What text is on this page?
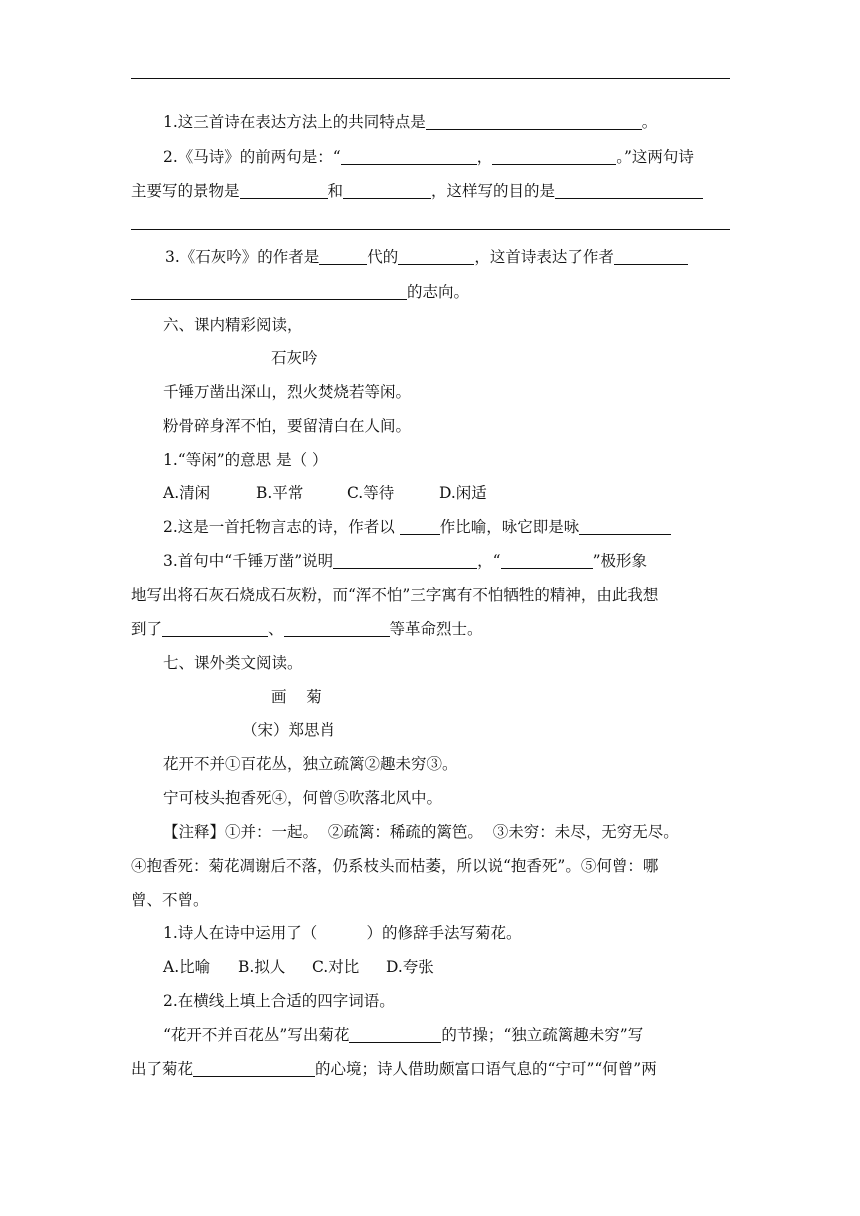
1.这三首诗在表达方法上的共同特点是	。
2.《马诗》的前两句是：“	，	。”这两句诗
主要写的景物是	和	，这样写的目的是
3.《石灰吟》的作者是	代的	，这首诗表达了作者
的志向。
六、课内精彩阅读，
石灰吟
千锤万凿出深山，烈火焚烧若等闲。
粉骨碎身浑不怕，要留清白在人间。
1.“等闲”的意思 是（ ）
A.清闲	B.平常	C.等待	D.闲适
2.这是一首托物言志的诗，作者以	作比喻，咏它即是咏
3.首句中“千锤万凿”说明	，“	”极形象
地写出将石灰石烧成石灰粉，而“浑不怕”三字寓有不怕牺牲的精神，由此我想
到了	、	等革命烈士。
七、课外类文阅读。
画    菊
（宋）郑思肖
花开不并①百花丛，独立疏篱②趣未穷③。
宁可枝头抱香死④，何曾⑤吹落北风中。
【注释】①并：一起。  ②疏篱：稀疏的篱笆。  ③未穷：未尽，无穷无尽。
④抱香死：菊花凋谢后不落，仍系枝头而枯萎，所以说“抱香死”。⑤何曾：哪
曾、不曾。
1.诗人在诗中运用了（          ）的修辞手法写菊花。
A.比喻 B.拟人 C.对比 D.夸张
2.在横线上填上合适的四字词语。
“花开不并百花丛”写出菊花	的节操；“独立疏篱趣未穷”写
出了菊花	的心境；诗人借助颇富口语气息的“宁可”“何曾”两
